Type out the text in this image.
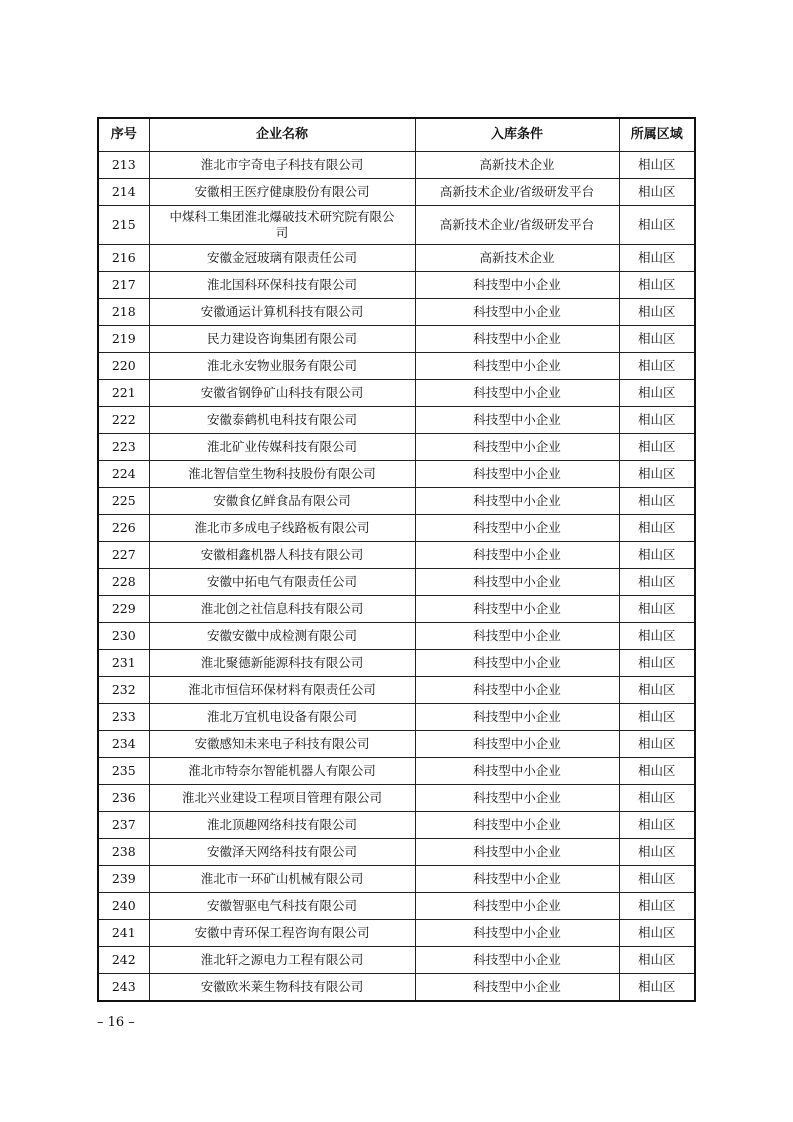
序号	企业名称	入库条件	所属区域
213	淮北市宇奇电子科技有限公司	高新技术企业	相山区
214	安徽相王医疗健康股份有限公司	高新技术企业/省级研发平台	相山区
215	中煤科工集团淮北爆破技术研究院有限公司	高新技术企业/省级研发平台	相山区
216	安徽金冠玻璃有限责任公司	高新技术企业	相山区
217	淮北国科环保科技有限公司	科技型中小企业	相山区
218	安徽通运计算机科技有限公司	科技型中小企业	相山区
219	民力建设咨询集团有限公司	科技型中小企业	相山区
220	淮北永安物业服务有限公司	科技型中小企业	相山区
221	安徽省钢铮矿山科技有限公司	科技型中小企业	相山区
222	安徽泰鹤机电科技有限公司	科技型中小企业	相山区
223	淮北矿业传媒科技有限公司	科技型中小企业	相山区
224	淮北智信堂生物科技股份有限公司	科技型中小企业	相山区
225	安徽食亿鲜食品有限公司	科技型中小企业	相山区
226	淮北市多成电子线路板有限公司	科技型中小企业	相山区
227	安徽相鑫机器人科技有限公司	科技型中小企业	相山区
228	安徽中拓电气有限责任公司	科技型中小企业	相山区
229	淮北创之社信息科技有限公司	科技型中小企业	相山区
230	安徽安徽中成检测有限公司	科技型中小企业	相山区
231	淮北聚德新能源科技有限公司	科技型中小企业	相山区
232	淮北市恒信环保材料有限责任公司	科技型中小企业	相山区
233	淮北万宜机电设备有限公司	科技型中小企业	相山区
234	安徽感知未来电子科技有限公司	科技型中小企业	相山区
235	淮北市特奈尔智能机器人有限公司	科技型中小企业	相山区
236	淮北兴业建设工程项目管理有限公司	科技型中小企业	相山区
237	淮北顶趣网络科技有限公司	科技型中小企业	相山区
238	安徽泽天网络科技有限公司	科技型中小企业	相山区
239	淮北市一环矿山机械有限公司	科技型中小企业	相山区
240	安徽智驱电气科技有限公司	科技型中小企业	相山区
241	安徽中青环保工程咨询有限公司	科技型中小企业	相山区
242	淮北轩之源电力工程有限公司	科技型中小企业	相山区
243	安徽欧米莱生物科技有限公司	科技型中小企业	相山区
– 16 –
